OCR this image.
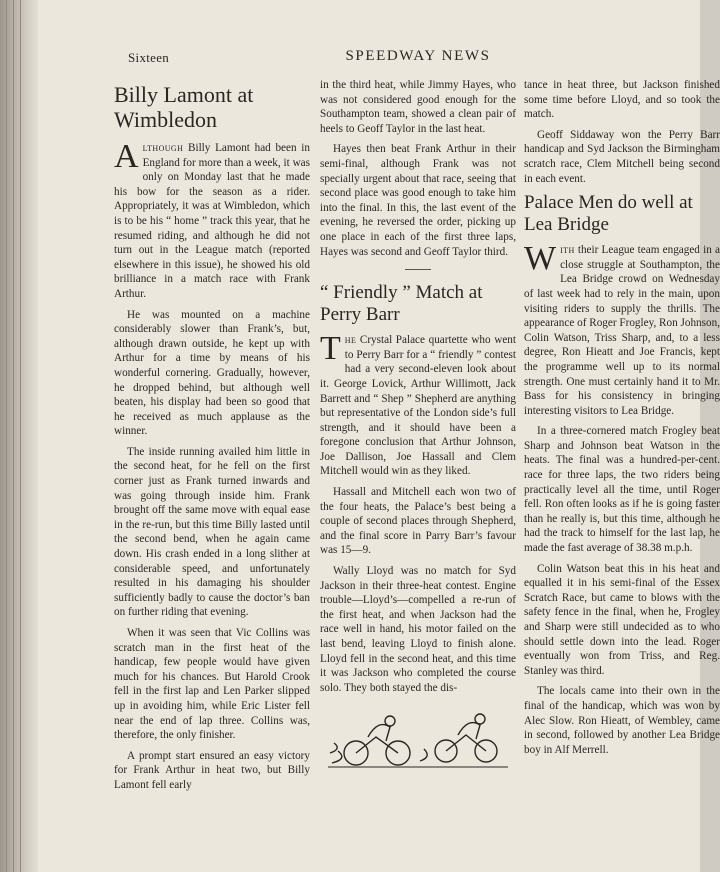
Sixteen	SPEEDWAY NEWS
Billy Lamont at Wimbledon

Although Billy Lamont had been in England for more than a week, it was only on Monday last that he made his bow for the season as a rider. Appropriately, it was at Wimbledon, which is to be his “ home ” track this year, that he resumed riding, and although he did not turn out in the League match (reported elsewhere in this issue), he showed his old brilliance in a match race with Frank Arthur.

He was mounted on a machine considerably slower than Frank’s, but, although drawn outside, he kept up with Arthur for a time by means of his wonderful cornering. Gradually, however, he dropped behind, but although well beaten, his display had been so good that he received as much applause as the winner.

The inside running availed him little in the second heat, for he fell on the first corner just as Frank turned inwards and was going through inside him. Frank brought off the same move with equal ease in the re-run, but this time Billy lasted until the second bend, when he again came down. His crash ended in a long slither at considerable speed, and unfortunately resulted in his damaging his shoulder sufficiently badly to cause the doctor’s ban on further riding that evening.

When it was seen that Vic Collins was scratch man in the first heat of the handicap, few people would have given much for his chances. But Harold Crook fell in the first lap and Len Parker slipped up in avoiding him, while Eric Lister fell near the end of lap three. Collins was, therefore, the only finisher.

A prompt start ensured an easy victory for Frank Arthur in heat two, but Billy Lamont fell early

in the third heat, while Jimmy Hayes, who was not considered good enough for the Southampton team, showed a clean pair of heels to Geoff Taylor in the last heat.

Hayes then beat Frank Arthur in their semi-final, although Frank was not specially urgent about that race, seeing that second place was good enough to take him into the final. In this, the last event of the evening, he reversed the order, picking up one place in each of the first three laps, Hayes was second and Geoff Taylor third.

“ Friendly ” Match at Perry Barr

The Crystal Palace quartette who went to Perry Barr for a “ friendly ” contest had a very second-eleven look about it. George Lovick, Arthur Willimott, Jack Barrett and “ Shep ” Shepherd are anything but representative of the London side’s full strength, and it should have been a foregone conclusion that Arthur Johnson, Joe Dallison, Joe Hassall and Clem Mitchell would win as they liked.

Hassall and Mitchell each won two of the four heats, the Palace’s best being a couple of second places through Shepherd, and the final score in Parry Barr’s favour was 15—9.

Wally Lloyd was no match for Syd Jackson in their three-heat contest. Engine trouble—Lloyd’s—compelled a re-run of the first heat, and when Jackson had the race well in hand, his motor failed on the last bend, leaving Lloyd to finish alone. Lloyd fell in the second heat, and this time it was Jackson who completed the course solo. They both stayed the dis-

tance in heat three, but Jackson finished some time before Lloyd, and so took the match.

Geoff Siddaway won the Perry Barr handicap and Syd Jackson the Birmingham scratch race, Clem Mitchell being second in each event.

Palace Men do well at Lea Bridge

With their League team engaged in a close struggle at Southampton, the Lea Bridge crowd on Wednesday of last week had to rely in the main, upon visiting riders to supply the thrills. The appearance of Roger Frogley, Ron Johnson, Colin Watson, Triss Sharp, and, to a less degree, Ron Hieatt and Joe Francis, kept the programme well up to its normal strength. One must certainly hand it to Mr. Bass for his consistency in bringing interesting visitors to Lea Bridge.

In a three-cornered match Frogley beat Sharp and Johnson beat Watson in the heats. The final was a hundred-per-cent. race for three laps, the two riders being practically level all the time, until Roger fell. Ron often looks as if he is going faster than he really is, but this time, although he had the track to himself for the last lap, he made the fast average of 38.38 m.p.h.

Colin Watson beat this in his heat and equalled it in his semi-final of the Essex Scratch Race, but came to blows with the safety fence in the final, when he, Frogley and Sharp were still undecided as to who should settle down into the lead. Roger eventually won from Triss, and Reg. Stanley was third.

The locals came into their own in the final of the handicap, which was won by Alec Slow. Ron Hieatt, of Wembley, came in second, followed by another Lea Bridge boy in Alf Merrell.
